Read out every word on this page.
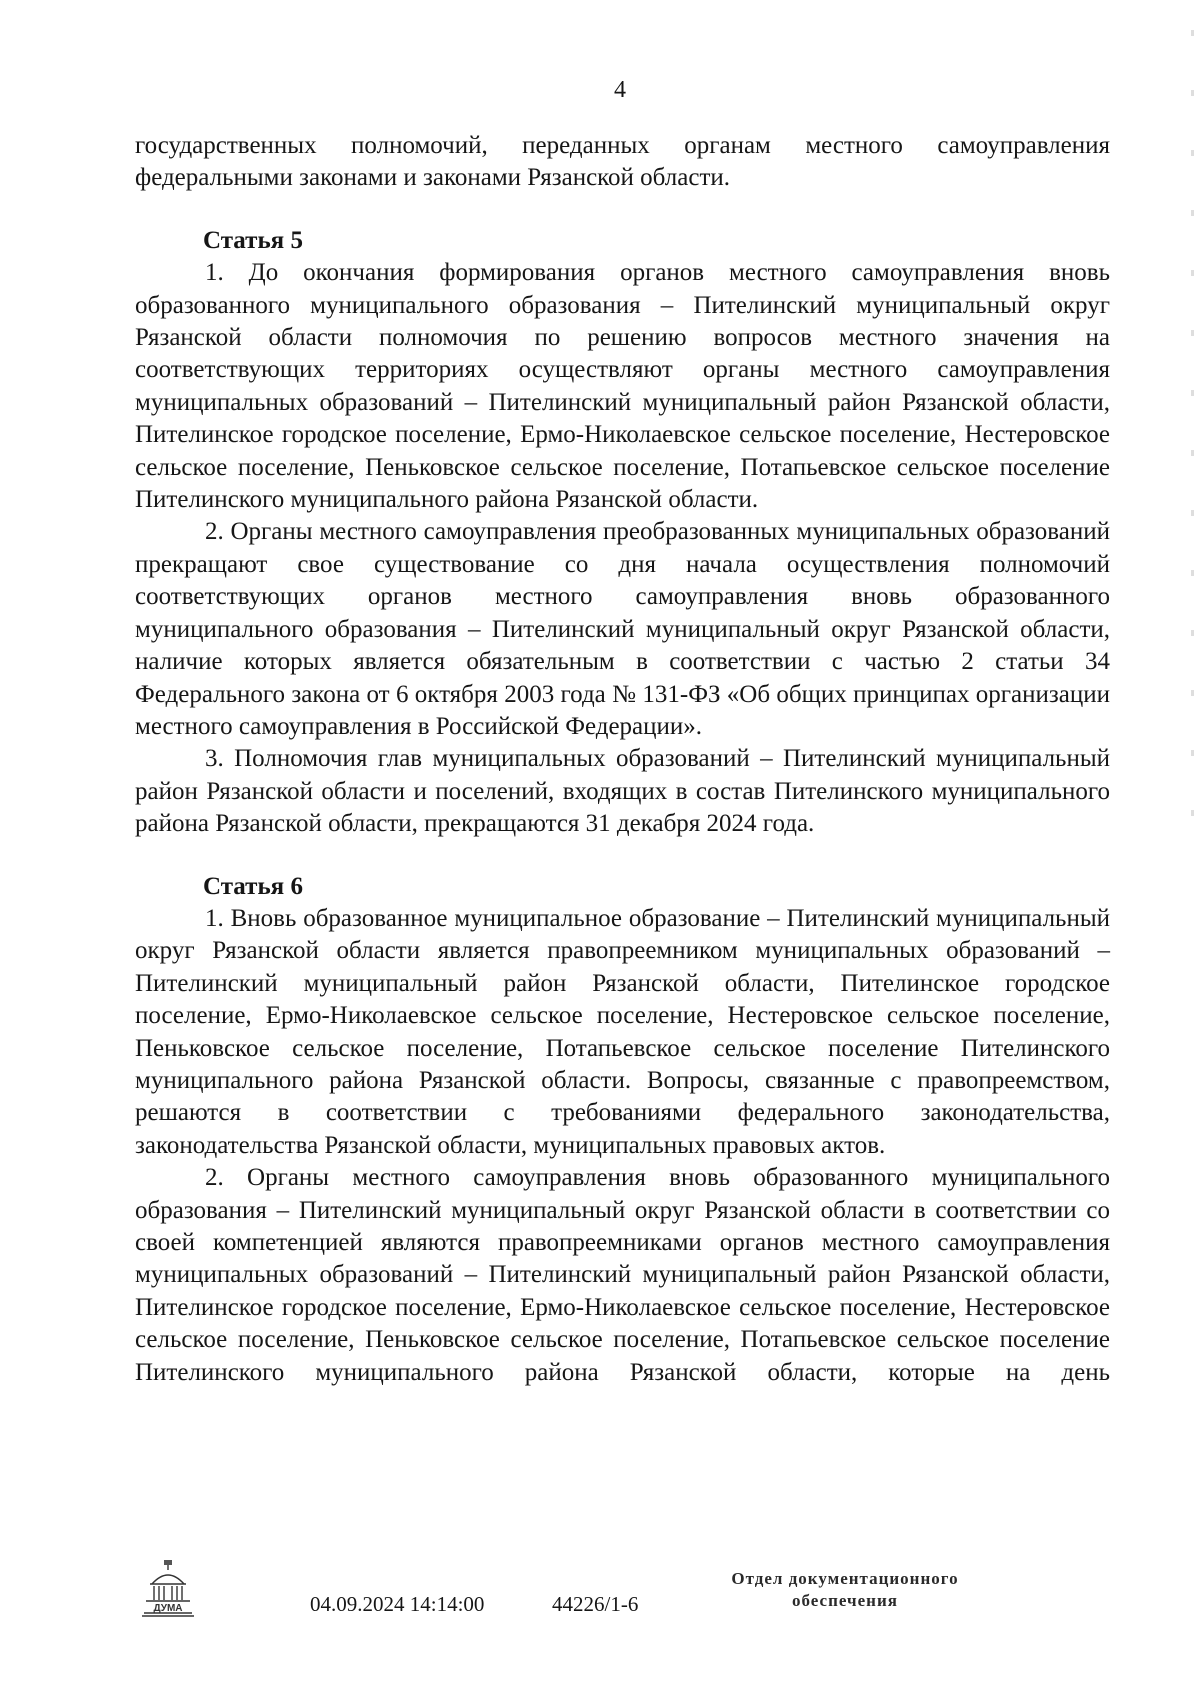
4

государственных полномочий, переданных органам местного самоуправления федеральными законами и законами Рязанской области.

Статья 5

1. До окончания формирования органов местного самоуправления вновь образованного муниципального образования – Пителинский муниципальный округ Рязанской области полномочия по решению вопросов местного значения на соответствующих территориях осуществляют органы местного самоуправления муниципальных образований – Пителинский муниципальный район Рязанской области, Пителинское городское поселение, Ермо-Николаевское сельское поселение, Нестеровское сельское поселение, Пеньковское сельское поселение, Потапьевское сельское поселение Пителинского муниципального района Рязанской области.

2. Органы местного самоуправления преобразованных муниципальных образований прекращают свое существование со дня начала осуществления полномочий соответствующих органов местного самоуправления вновь образованного муниципального образования – Пителинский муниципальный округ Рязанской области, наличие которых является обязательным в соответствии с частью 2 статьи 34 Федерального закона от 6 октября 2003 года № 131-ФЗ «Об общих принципах организации местного самоуправления в Российской Федерации».

3. Полномочия глав муниципальных образований – Пителинский муниципальный район Рязанской области и поселений, входящих в состав Пителинского муниципального района Рязанской области, прекращаются 31 декабря 2024 года.

Статья 6

1. Вновь образованное муниципальное образование – Пителинский муниципальный округ Рязанской области является правопреемником муниципальных образований – Пителинский муниципальный район Рязанской области, Пителинское городское поселение, Ермо-Николаевское сельское поселение, Нестеровское сельское поселение, Пеньковское сельское поселение, Потапьевское сельское поселение Пителинского муниципального района Рязанской области. Вопросы, связанные с правопреемством, решаются в соответствии с требованиями федерального законодательства, законодательства Рязанской области, муниципальных правовых актов.

2. Органы местного самоуправления вновь образованного муниципального образования – Пителинский муниципальный округ Рязанской области в соответствии со своей компетенцией являются правопреемниками органов местного самоуправления муниципальных образований – Пителинский муниципальный район Рязанской области, Пителинское городское поселение, Ермо-Николаевское сельское поселение, Нестеровское сельское поселение, Пеньковское сельское поселение, Потапьевское сельское поселение Пителинского муниципального района Рязанской области, которые на день

ДУМА	04.09.2024 14:14:00	44226/1-6
Отдел документационного
обеспечения
